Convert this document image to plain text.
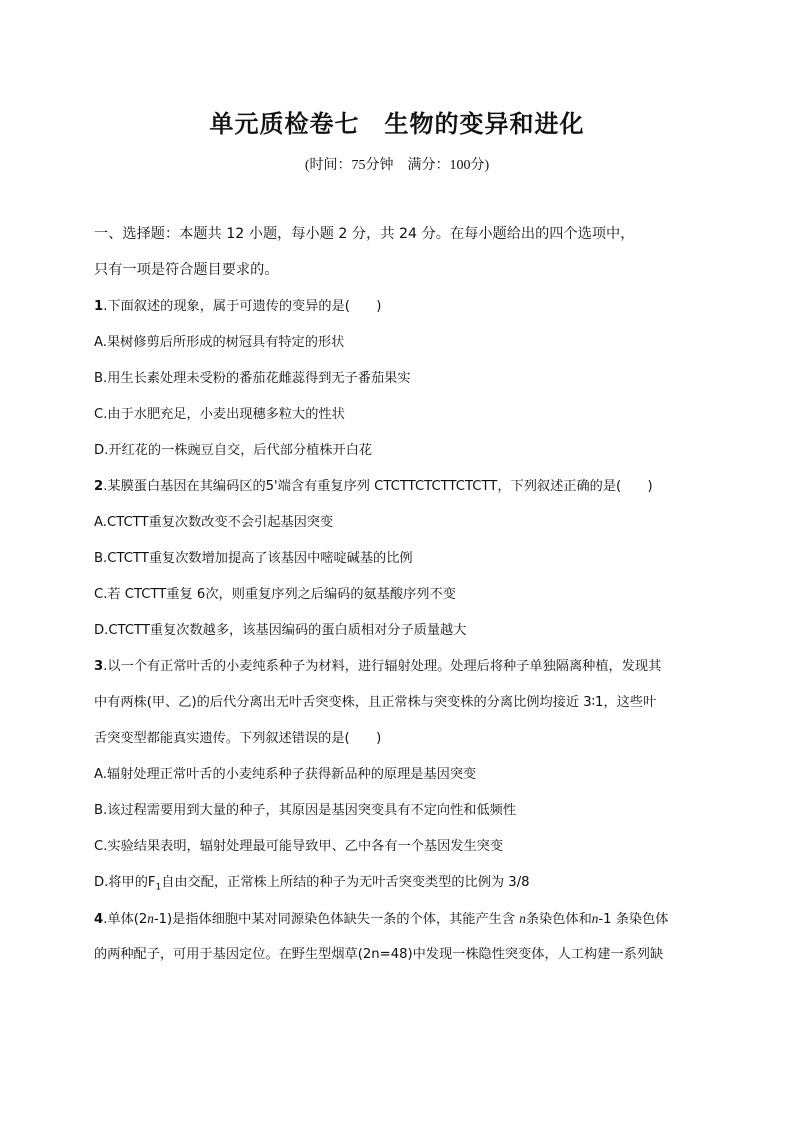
单元质检卷七　生物的变异和进化
(时间：75分钟　满分：100分)
一、选择题：本题共 12 小题，每小题 2 分，共 24 分。在每小题给出的四个选项中，
只有一项是符合题目要求的。
1.下面叙述的现象，属于可遗传的变异的是(　　)
A.果树修剪后所形成的树冠具有特定的形状
B.用生长素处理未受粉的番茄花雌蕊得到无子番茄果实
C.由于水肥充足，小麦出现穗多粒大的性状
D.开红花的一株豌豆自交，后代部分植株开白花
2.某膜蛋白基因在其编码区的5'端含有重复序列 CTCTTCTCTTCTCTT，下列叙述正确的是(　　)
A.CTCTT重复次数改变不会引起基因突变
B.CTCTT重复次数增加提高了该基因中嘧啶碱基的比例
C.若 CTCTT重复 6次，则重复序列之后编码的氨基酸序列不变
D.CTCTT重复次数越多，该基因编码的蛋白质相对分子质量越大
3.以一个有正常叶舌的小麦纯系种子为材料，进行辐射处理。处理后将种子单独隔离种植，发现其
中有两株(甲、乙)的后代分离出无叶舌突变株，且正常株与突变株的分离比例均接近 3∶1，这些叶
舌突变型都能真实遗传。下列叙述错误的是(　　)
A.辐射处理正常叶舌的小麦纯系种子获得新品种的原理是基因突变
B.该过程需要用到大量的种子，其原因是基因突变具有不定向性和低频性
C.实验结果表明，辐射处理最可能导致甲、乙中各有一个基因发生突变
D.将甲的$F_1$自由交配，正常株上所结的种子为无叶舌突变类型的比例为 3/8
4.单体(2n-1)是指体细胞中某对同源染色体缺失一条的个体，其能产生含 n条染色体和n-1 条染色体
的两种配子，可用于基因定位。在野生型烟草(2n=48)中发现一株隐性突变体，人工构建一系列缺
